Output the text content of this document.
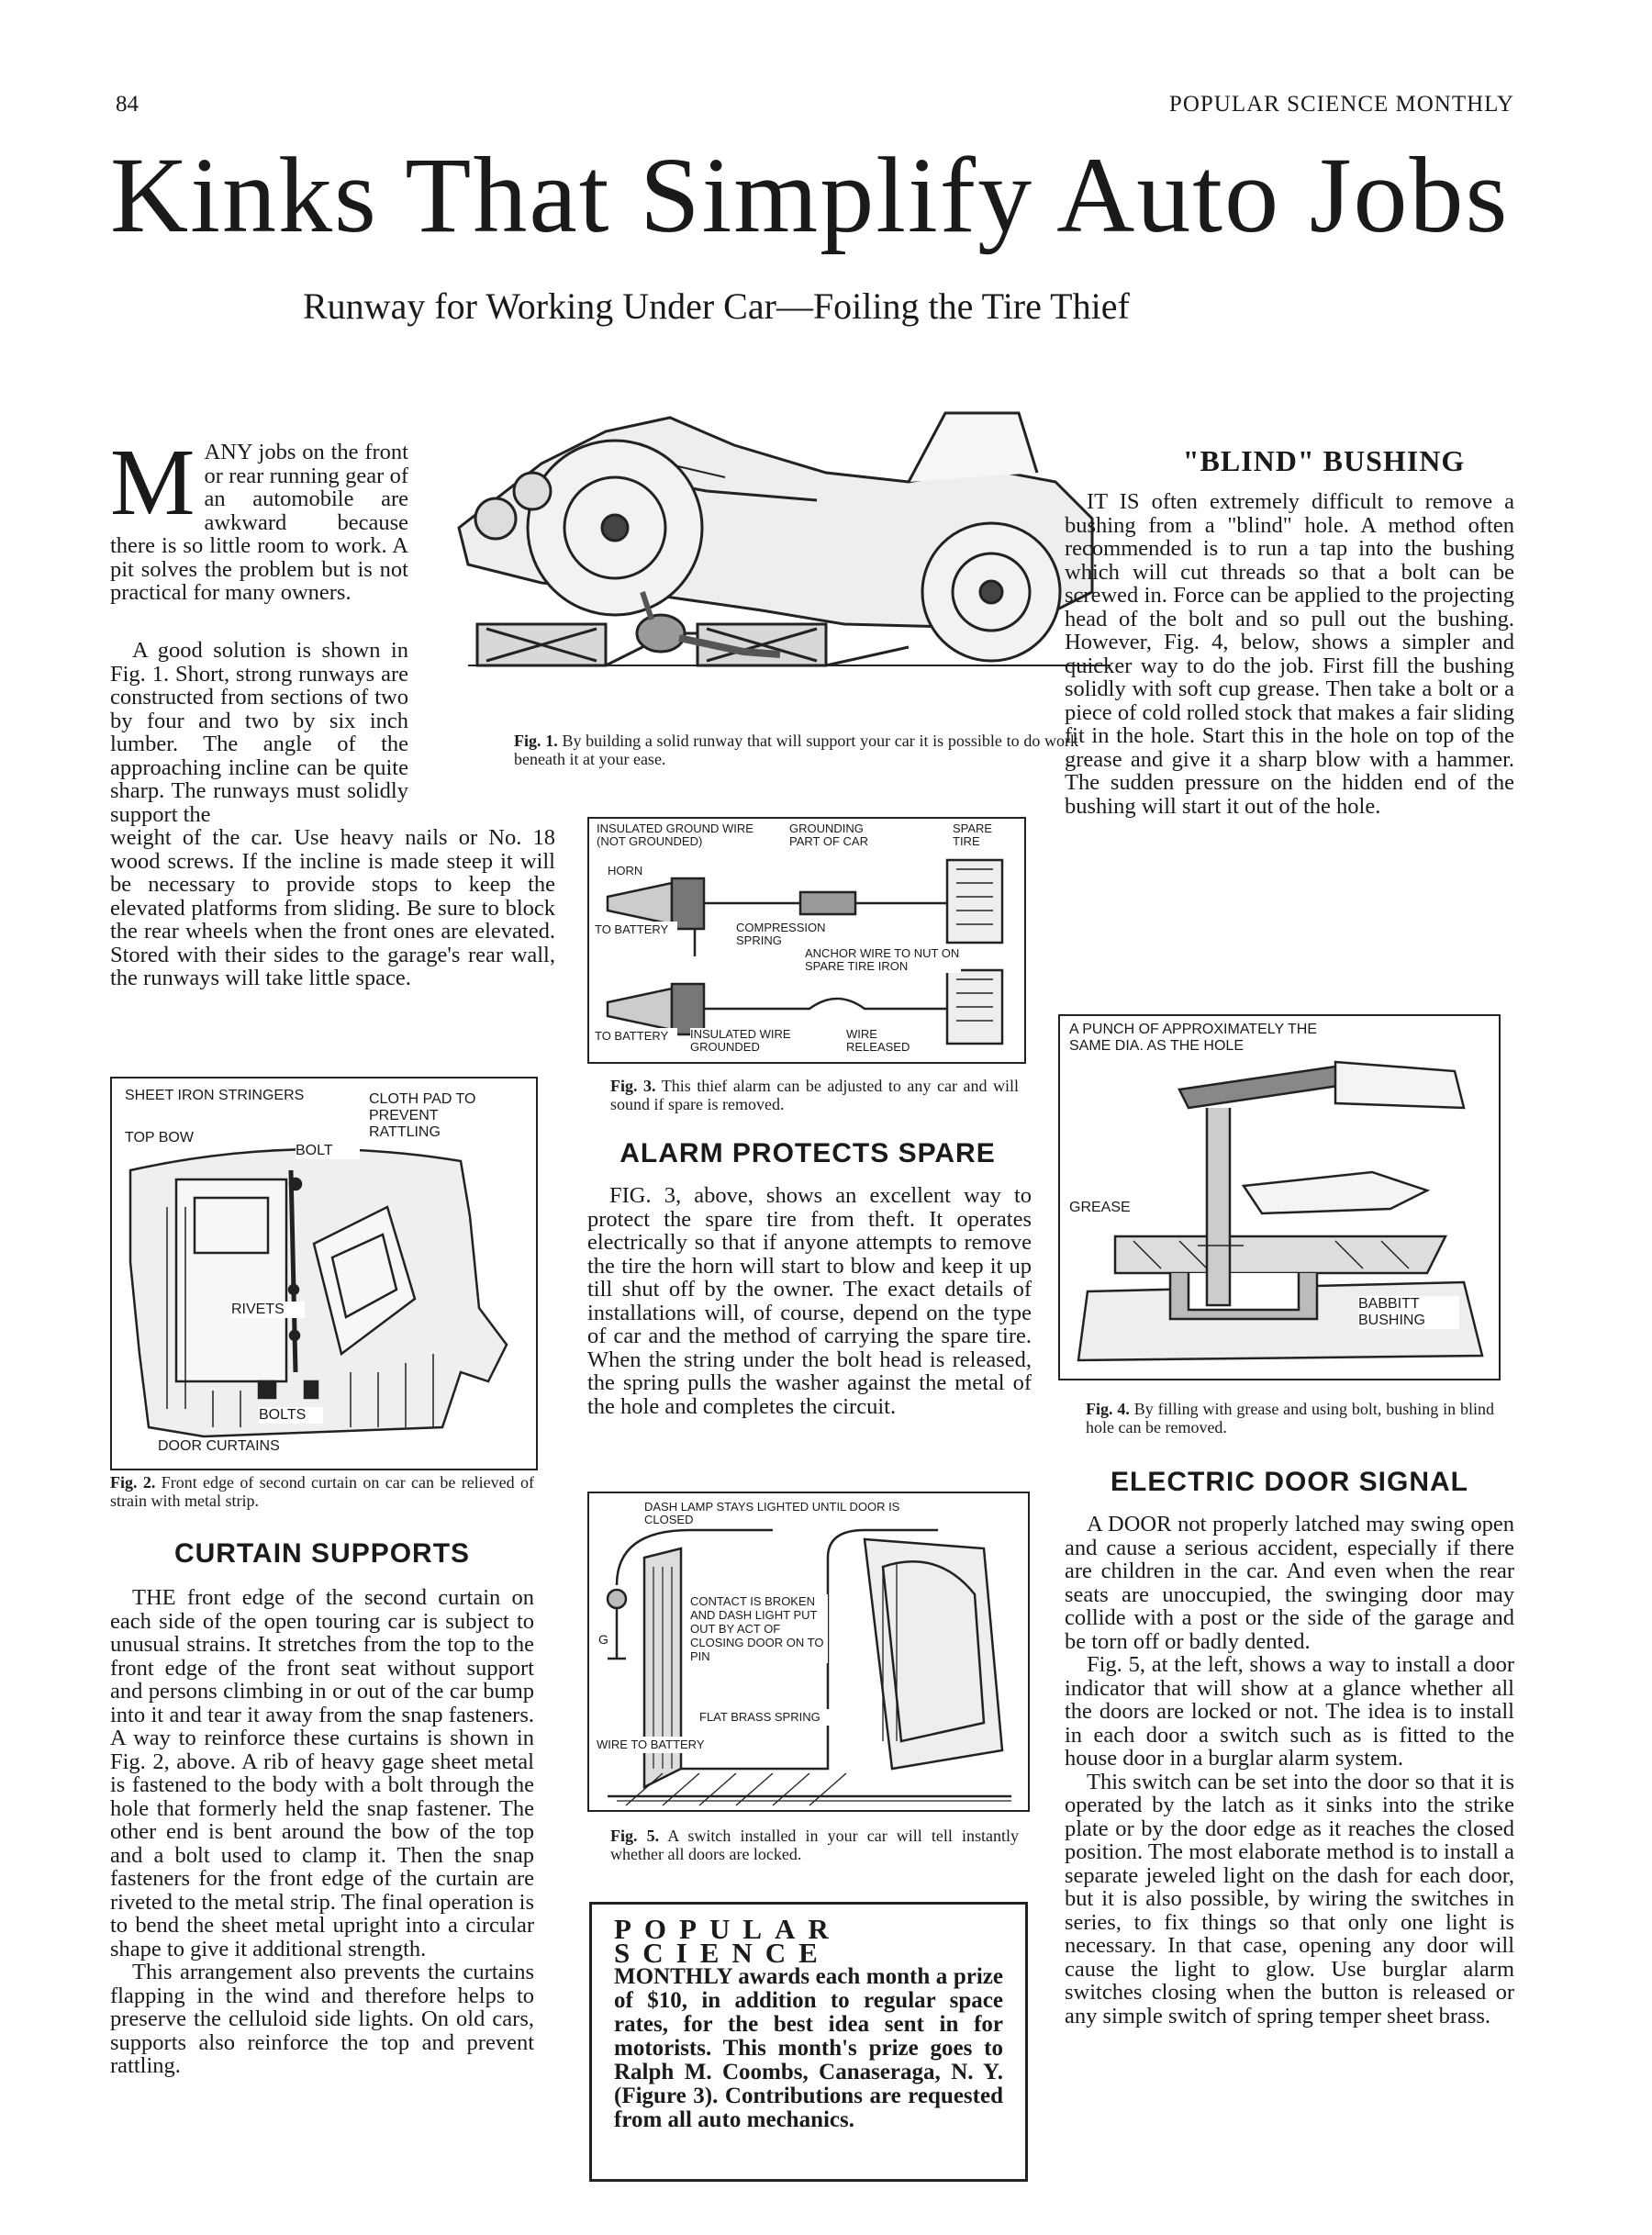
84	POPULAR SCIENCE MONTHLY
Kinks That Simplify Auto Jobs
Runway for Working Under Car—Foiling the Tire Thief

MANY jobs on the front or rear running gear of an automobile are awkward because there is so little room to work. A pit solves the problem but is not practical for many owners.

A good solution is shown in Fig. 1. Short, strong runways are constructed from sections of two by four and two by six inch lumber. The angle of the approaching incline can be quite sharp. The runways must solidly support the

Fig. 1. By building a solid runway that will support your car it is possible to do work beneath it at your ease.
SHEET IRON STRINGERS	CLOTH PAD TO PREVENT RATTLING
TOP BOW
BOLT
RIVETS
BOLTS
DOOR CURTAINS
Fig. 2. Front edge of second curtain on car can be relieved of strain with metal strip.
CURTAIN SUPPORTS

THE front edge of the second curtain on each side of the open touring car is subject to unusual strains. It stretches from the top to the front edge of the front seat without support and persons climbing in or out of the car bump into it and tear it away from the snap fasteners. A way to reinforce these curtains is shown in Fig. 2, above. A rib of heavy gage sheet metal is fastened to the body with a bolt through the hole that formerly held the snap fastener. The other end is bent around the bow of the top and a bolt used to clamp it. Then the snap fasteners for the front edge of the curtain are riveted to the metal strip. The final operation is to bend the sheet metal upright into a circular shape to give it additional strength.

This arrangement also prevents the curtains flapping in the wind and therefore helps to preserve the celluloid side lights. On old cars, supports also reinforce the top and prevent rattling.

INSULATED GROUND WIRE (NOT GROUNDED)
GROUNDING PART OF CAR
SPARE TIRE
HORN
TO BATTERY	COMPRESSION SPRING
ANCHOR WIRE TO NUT ON SPARE TIRE IRON
TO BATTERY	INSULATED WIRE GROUNDED
WIRE RELEASED
Fig. 3. This thief alarm can be adjusted to any car and will sound if spare is removed.
ALARM PROTECTS SPARE

FIG. 3, above, shows an excellent way to protect the spare tire from theft. It operates electrically so that if anyone attempts to remove the tire the horn will start to blow and keep it up till shut off by the owner. The exact details of installations will, of course, depend on the type of car and the method of carrying the spare tire. When the string under the bolt head is released, the spring pulls the washer against the metal of the hole and completes the circuit.

DASH LAMP STAYS LIGHTED UNTIL DOOR IS CLOSED
CONTACT IS BROKEN AND DASH LIGHT PUT OUT BY ACT OF CLOSING DOOR ON TO PIN
G
FLAT BRASS SPRING
WIRE TO BATTERY
Fig. 5. A switch installed in your car will tell instantly whether all doors are locked.
POPULAR SCIENCE
MONTHLY awards each month a prize of $10, in addition to regular space rates, for the best idea sent in for motorists. This month's prize goes to Ralph M. Coombs, Canaseraga, N. Y. (Figure 3). Contributions are requested from all auto mechanics.
"BLIND" BUSHING

IT IS often extremely difficult to remove a bushing from a "blind" hole. A method often recommended is to run a tap into the bushing which will cut threads so that a bolt can be screwed in. Force can be applied to the projecting head of the bolt and so pull out the bushing. However, Fig. 4, below, shows a simpler and quicker way to do the job. First fill the bushing solidly with soft cup grease. Then take a bolt or a piece of cold rolled stock that makes a fair sliding fit in the hole. Start this in the hole on top of the grease and give it a sharp blow with a hammer. The sudden pressure on the hidden end of the bushing will start it out of the hole.

A PUNCH OF APPROXIMATELY THE SAME DIA. AS THE HOLE
GREASE
BABBITT BUSHING
Fig. 4. By filling with grease and using bolt, bushing in blind hole can be removed.
ELECTRIC DOOR SIGNAL

A DOOR not properly latched may swing open and cause a serious accident, especially if there are children in the car. And even when the rear seats are unoccupied, the swinging door may collide with a post or the side of the garage and be torn off or badly dented.

Fig. 5, at the left, shows a way to install a door indicator that will show at a glance whether all the doors are locked or not. The idea is to install in each door a switch such as is fitted to the house door in a burglar alarm system.

This switch can be set into the door so that it is operated by the latch as it sinks into the strike plate or by the door edge as it reaches the closed position. The most elaborate method is to install a separate jeweled light on the dash for each door, but it is also possible, by wiring the switches in series, to fix things so that only one light is necessary. In that case, opening any door will cause the light to glow. Use burglar alarm switches closing when the button is released or any simple switch of spring temper sheet brass.

weight of the car. Use heavy nails or No. 18 wood screws. If the incline is made steep it will be necessary to provide stops to keep the elevated platforms from sliding. Be sure to block the rear wheels when the front ones are elevated. Stored with their sides to the garage's rear wall, the runways will take little space.
